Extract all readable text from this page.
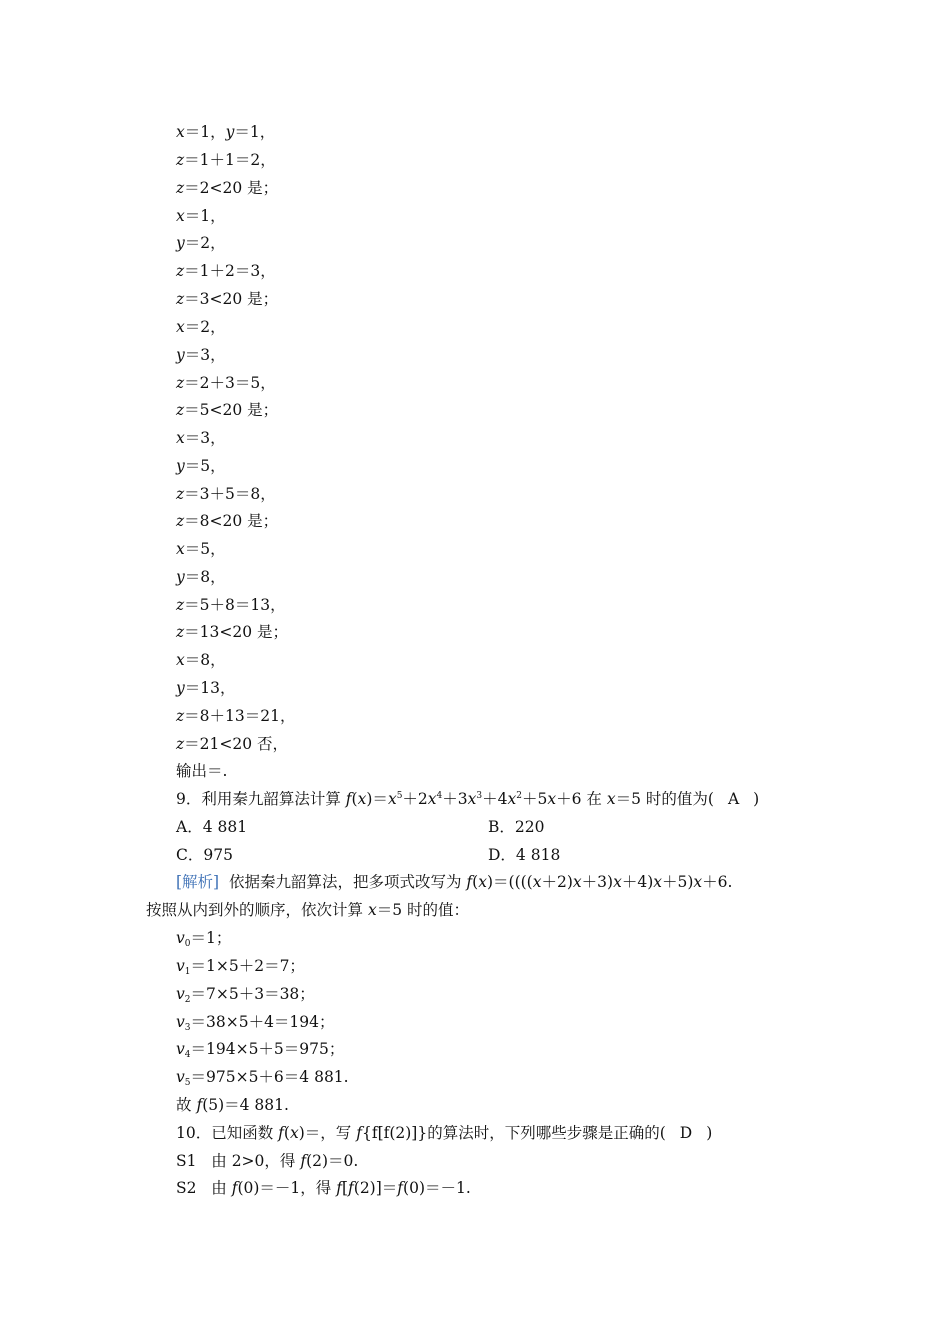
x＝1，y＝1，
z＝1＋1＝2，
z＝2<20 是；
x＝1，
y＝2，
z＝1＋2＝3，
z＝3<20 是；
x＝2，
y＝3，
z＝2＋3＝5，
z＝5<20 是；
x＝3，
y＝5，
z＝3＋5＝8，
z＝8<20 是；
x＝5，
y＝8，
z＝5＋8＝13，
z＝13<20 是；
x＝8，
y＝13，
z＝8＋13＝21，
z＝21<20 否，
输出＝.
9．利用秦九韶算法计算 $f(x)=x^5+2x^4+3x^3+4x^2+5x+6$ 在 x＝5 时的值为( A )
A．4 881	B．220
C．975	D．4 818
[解析] 依据秦九韶算法，把多项式改写为 f(x)＝((((x＋2)x＋3)x＋4)x＋5)x＋6.
按照从内到外的顺序，依次计算 x＝5 时的值：
$v_0=1$；
$v_1=1\times 5+2=7$；
$v_2=7\times 5+3=38$；
$v_3=38\times 5+4=194$；
$v_4=194\times 5+5=975$；
$v_5=975\times 5+6=4$ 881.
故 f(5)＝4 881.
10．已知函数 f(x)＝，写 f{f[f(2)]}的算法时，下列哪些步骤是正确的( D )
S1 由 2>0，得 f(2)＝0.
S2 由 f(0)＝－1，得 f[f(2)]＝f(0)＝－1.
